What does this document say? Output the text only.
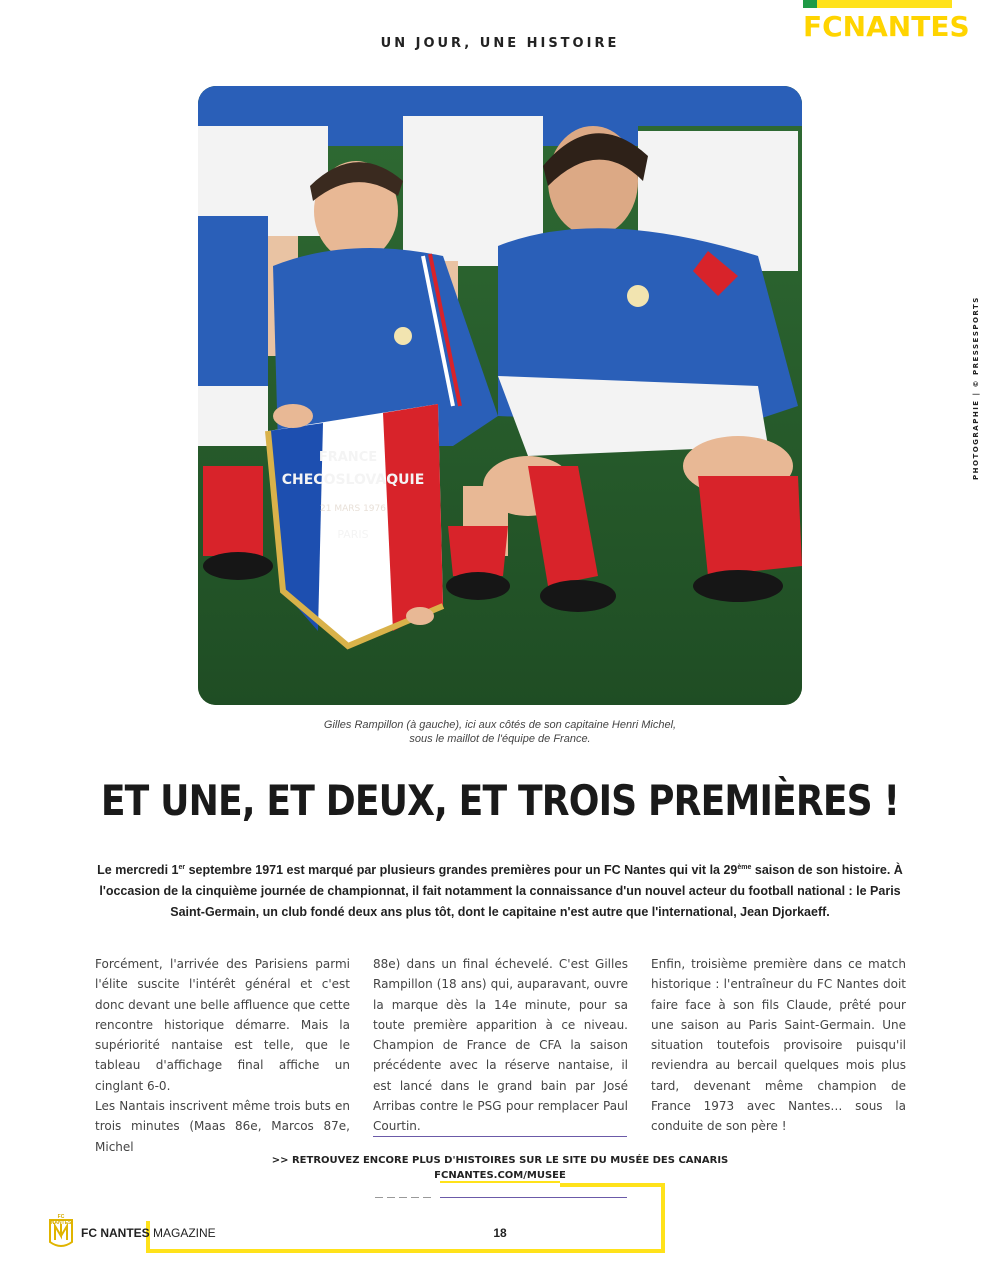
FCNANTES
UN JOUR, UNE HISTOIRE
FRANCE
CHECOSLOVAQUIE
21 MARS 1976
PARIS
PHOTOGRAPHIE | © PRESSESPORTS
Gilles Rampillon (à gauche), ici aux côtés de son capitaine Henri Michel,
sous le maillot de l'équipe de France.
ET UNE, ET DEUX, ET TROIS PREMIÈRES !
Le mercredi 1er septembre 1971 est marqué par plusieurs grandes premières pour un FC Nantes qui vit la 29ème saison de son histoire. À l'occasion de la cinquième journée de championnat, il fait notamment la connaissance d'un nouvel acteur du football national : le Paris Saint-Germain, un club fondé deux ans plus tôt, dont le capitaine n'est autre que l'international, Jean Djorkaeff.

Forcément, l'arrivée des Parisiens parmi l'élite suscite l'intérêt général et c'est donc devant une belle affluence que cette rencontre historique démarre. Mais la supériorité nantaise est telle, que le tableau d'affichage final affiche un cinglant 6-0.

Les Nantais inscrivent même trois buts en trois minutes (Maas 86e, Marcos 87e, Michel

88e) dans un final échevelé. C'est Gilles Rampillon (18 ans) qui, auparavant, ouvre la marque dès la 14e minute, pour sa toute première apparition à ce niveau. Champion de France de CFA la saison précédente avec la réserve nantaise, il est lancé dans le grand bain par José Arribas contre le PSG pour remplacer Paul Courtin.

Enfin, troisième première dans ce match historique : l'entraîneur du FC Nantes doit faire face à son fils Claude, prêté pour une saison au Paris Saint-Germain. Une situation toutefois provisoire puisqu'il reviendra au bercail quelques mois plus tard, devenant même champion de France 1973 avec Nantes… sous la conduite de son père !

>> RETROUVEZ ENCORE PLUS D'HISTOIRES SUR LE SITE DU MUSÉE DES CANARIS
FCNANTES.COM/MUSEE
FC NANTES
FC NANTES MAGAZINE	18
